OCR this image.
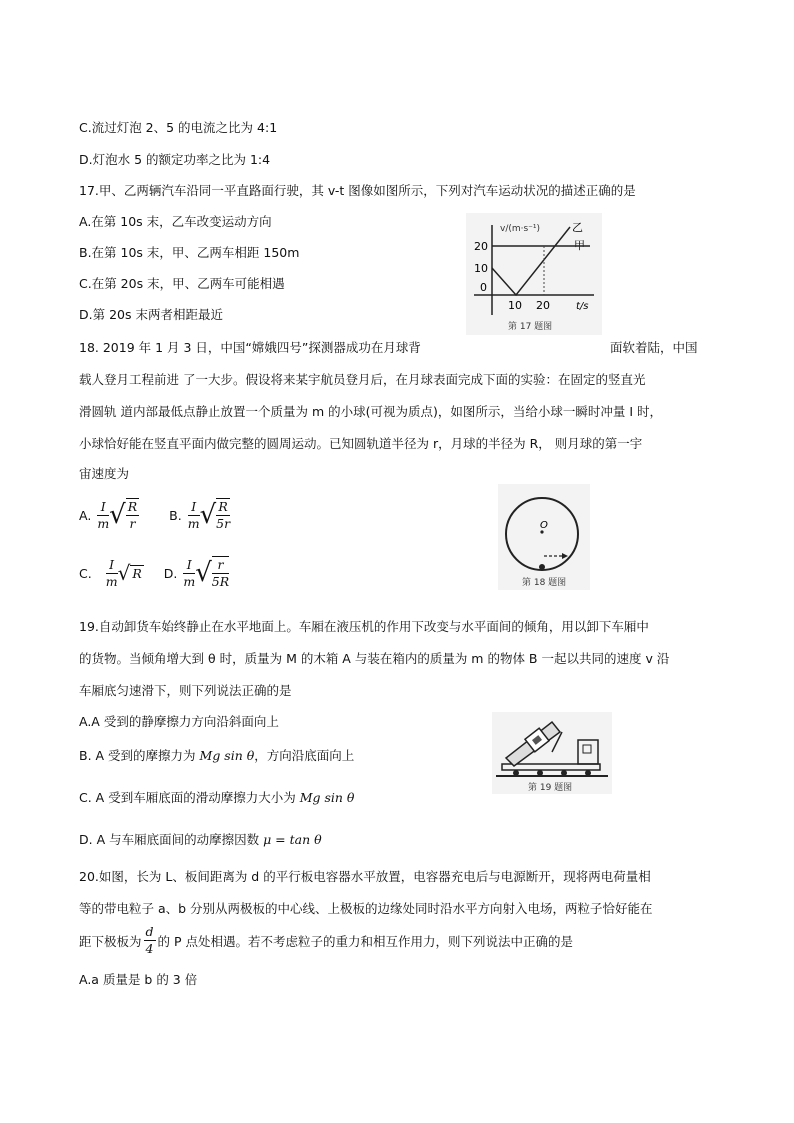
C.流过灯泡 2、5 的电流之比为 4:1
D.灯泡水 5 的额定功率之比为 1:4
17.甲、乙两辆汽车沿同一平直路面行驶，其 v-t 图像如图所示，下列对汽车运动状况的描述正确的是
A.在第 10s 末，乙车改变运动方向
B.在第 10s 末，甲、乙两车相距 150m
C.在第 20s 末，甲、乙两车可能相遇
D.第 20s 末两者相距最近
v/(m·s⁻¹)	乙
甲
20
10
0
10 20	t/s
第 17 题图
18. 2019 年 1 月 3 日，中国“嫦娥四号”探测器成功在月球背	面软着陆，中国
载人登月工程前进 了一大步。假设将来某宇航员登月后，在月球表面完成下面的实验：在固定的竖直光
滑圆轨 道内部最低点静止放置一个质量为 m 的小球(可视为质点)，如图所示，当给小球一瞬时冲量 I 时，
小球恰好能在竖直平面内做完整的圆周运动。已知圆轨道半径为 r，月球的半径为 R， 则月球的第一宇
宙速度为
A. $\frac{I}{m}$ √ $\frac{R}{r} B$. $\frac{I}{m}$ √ $\frac{R}{5r}$
C. $\frac{I}{m}$ √ R D. $\frac{I}{m}$ √ $\frac{r}{5R}$
O
第 18 题图
19.自动卸货车始终静止在水平地面上。车厢在液压机的作用下改变与水平面间的倾角，用以卸下车厢中
的货物。当倾角增大到 θ 时，质量为 M 的木箱 A 与装在箱内的质量为 m 的物体 B 一起以共同的速度 v 沿
车厢底匀速滑下，则下列说法正确的是
A.A 受到的静摩擦力方向沿斜面向上
B. A 受到的摩擦力为 Mg sin θ，方向沿底面向上
C. A 受到车厢底面的滑动摩擦力大小为 Mg sin θ
D. A 与车厢底面间的动摩擦因数 μ = tan θ
第 19 题图
20.如图，长为 L、板间距离为 d 的平行板电容器水平放置，电容器充电后与电源断开，现将两电荷量相
等的带电粒子 a、b 分别从两极板的中心线、上极板的边缘处同时沿水平方向射入电场，两粒子恰好能在
距下极板为 $\frac{d}{4}$ 的 P 点处相遇。若不考虑粒子的重力和相互作用力，则下列说法中正确的是
A.a 质量是 b 的 3 倍
